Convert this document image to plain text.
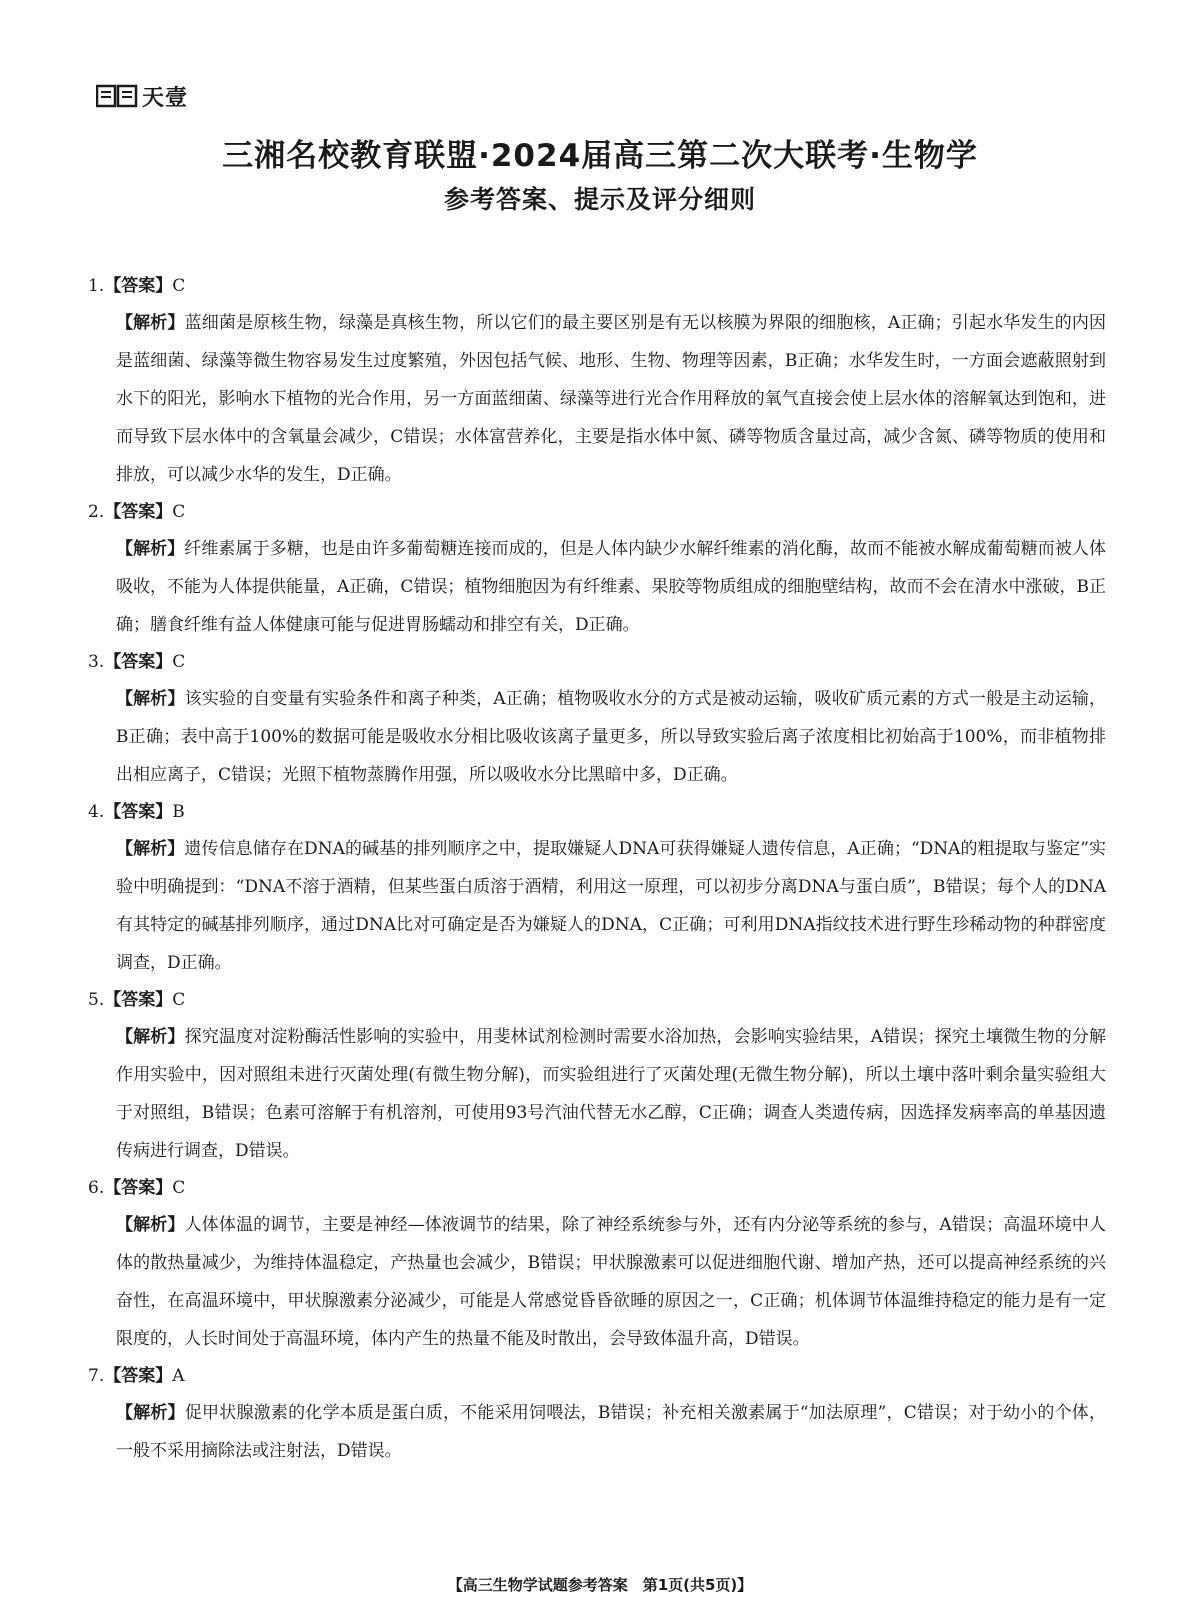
天壹
三湘名校教育联盟·2024届高三第二次大联考·生物学
参考答案、提示及评分细则
1.【答案】C
【解析】蓝细菌是原核生物，绿藻是真核生物，所以它们的最主要区别是有无以核膜为界限的细胞核，A正确；引起水华发生的内因是蓝细菌、绿藻等微生物容易发生过度繁殖，外因包括气候、地形、生物、物理等因素，B正确；水华发生时，一方面会遮蔽照射到水下的阳光，影响水下植物的光合作用，另一方面蓝细菌、绿藻等进行光合作用释放的氧气直接会使上层水体的溶解氧达到饱和，进而导致下层水体中的含氧量会减少，C错误；水体富营养化，主要是指水体中氮、磷等物质含量过高，减少含氮、磷等物质的使用和排放，可以减少水华的发生，D正确。
2.【答案】C
【解析】纤维素属于多糖，也是由许多葡萄糖连接而成的，但是人体内缺少水解纤维素的消化酶，故而不能被水解成葡萄糖而被人体吸收，不能为人体提供能量，A正确，C错误；植物细胞因为有纤维素、果胶等物质组成的细胞壁结构，故而不会在清水中涨破，B正确；膳食纤维有益人体健康可能与促进胃肠蠕动和排空有关，D正确。
3.【答案】C
【解析】该实验的自变量有实验条件和离子种类，A正确；植物吸收水分的方式是被动运输，吸收矿质元素的方式一般是主动运输，B正确；表中高于100%的数据可能是吸收水分相比吸收该离子量更多，所以导致实验后离子浓度相比初始高于100%，而非植物排出相应离子，C错误；光照下植物蒸腾作用强，所以吸收水分比黑暗中多，D正确。
4.【答案】B
【解析】遗传信息储存在DNA的碱基的排列顺序之中，提取嫌疑人DNA可获得嫌疑人遗传信息，A正确；“DNA的粗提取与鉴定”实验中明确提到：“DNA不溶于酒精，但某些蛋白质溶于酒精，利用这一原理，可以初步分离DNA与蛋白质”，B错误；每个人的DNA有其特定的碱基排列顺序，通过DNA比对可确定是否为嫌疑人的DNA，C正确；可利用DNA指纹技术进行野生珍稀动物的种群密度调查，D正确。
5.【答案】C
【解析】探究温度对淀粉酶活性影响的实验中，用斐林试剂检测时需要水浴加热，会影响实验结果，A错误；探究土壤微生物的分解作用实验中，因对照组未进行灭菌处理(有微生物分解)，而实验组进行了灭菌处理(无微生物分解)，所以土壤中落叶剩余量实验组大于对照组，B错误；色素可溶解于有机溶剂，可使用93号汽油代替无水乙醇，C正确；调查人类遗传病，因选择发病率高的单基因遗传病进行调查，D错误。
6.【答案】C
【解析】人体体温的调节，主要是神经—体液调节的结果，除了神经系统参与外，还有内分泌等系统的参与，A错误；高温环境中人体的散热量减少，为维持体温稳定，产热量也会减少，B错误；甲状腺激素可以促进细胞代谢、增加产热，还可以提高神经系统的兴奋性，在高温环境中，甲状腺激素分泌减少，可能是人常感觉昏昏欲睡的原因之一，C正确；机体调节体温维持稳定的能力是有一定限度的，人长时间处于高温环境，体内产生的热量不能及时散出，会导致体温升高，D错误。
7.【答案】A
【解析】促甲状腺激素的化学本质是蛋白质，不能采用饲喂法，B错误；补充相关激素属于“加法原理”，C错误；对于幼小的个体，一般不采用摘除法或注射法，D错误。
【高三生物学试题参考答案　第1页(共5页)】
